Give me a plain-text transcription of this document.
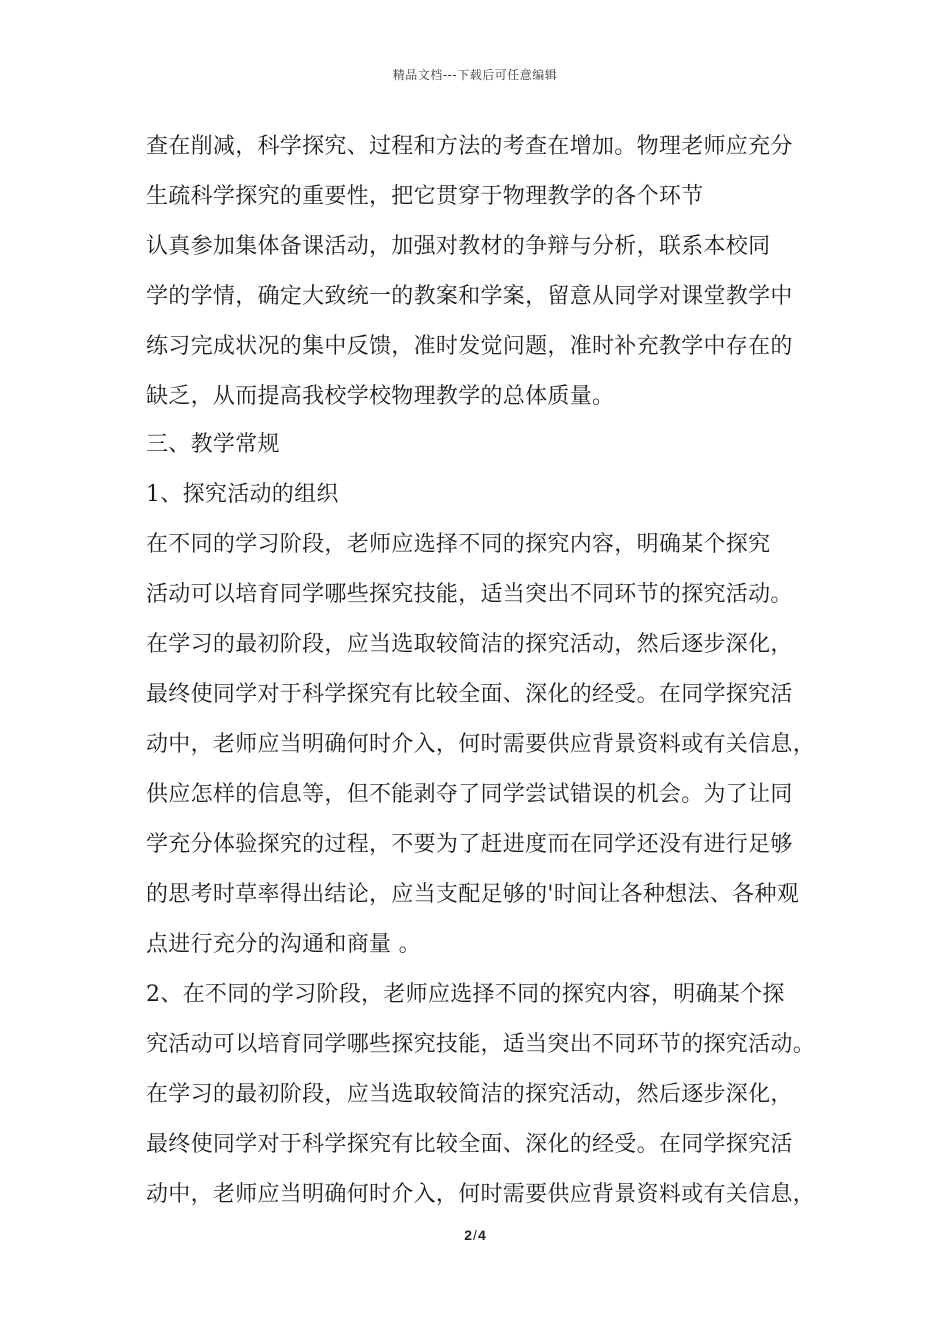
精品文档---下载后可任意编辑
查在削减，科学探究、过程和方法的考查在增加。物理老师应充分
生疏科学探究的重要性，把它贯穿于物理教学的各个环节
认真参加集体备课活动，加强对教材的争辩与分析，联系本校同
学的学情，确定大致统一的教案和学案，留意从同学对课堂教学中
练习完成状况的集中反馈，准时发觉问题，准时补充教学中存在的
缺乏，从而提高我校学校物理教学的总体质量。
三、教学常规
1、探究活动的组织
在不同的学习阶段，老师应选择不同的探究内容，明确某个探究
活动可以培育同学哪些探究技能，适当突出不同环节的探究活动。
在学习的最初阶段，应当选取较简洁的探究活动，然后逐步深化，
最终使同学对于科学探究有比较全面、深化的经受。在同学探究活
动中，老师应当明确何时介入，何时需要供应背景资料或有关信息，
供应怎样的信息等，但不能剥夺了同学尝试错误的机会。为了让同
学充分体验探究的过程，不要为了赶进度而在同学还没有进行足够
的思考时草率得出结论，应当支配足够的'时间让各种想法、各种观
点进行充分的沟通和商量 。
2、在不同的学习阶段，老师应选择不同的探究内容，明确某个探
究活动可以培育同学哪些探究技能，适当突出不同环节的探究活动。
在学习的最初阶段，应当选取较简洁的探究活动，然后逐步深化，
最终使同学对于科学探究有比较全面、深化的经受。在同学探究活
动中，老师应当明确何时介入，何时需要供应背景资料或有关信息，
2/4
